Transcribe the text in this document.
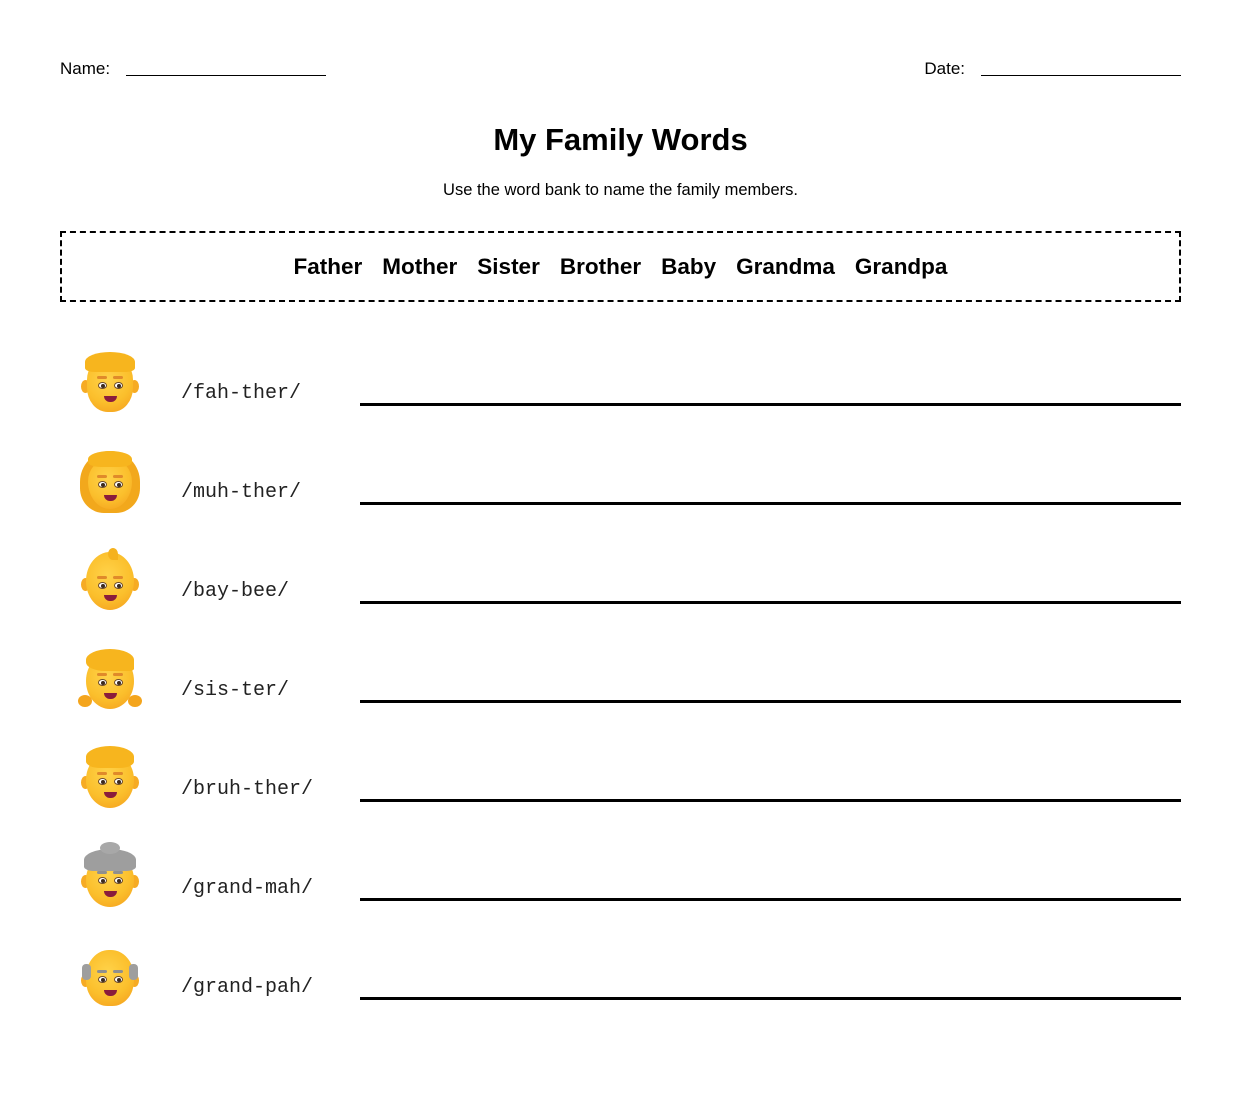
Name:	Date:
My Family Words
Use the word bank to name the family members.
Father Mother Sister Brother Baby Grandma Grandpa
/fah-ther/
/muh-ther/
/bay-bee/
/sis-ter/
/bruh-ther/
/grand-mah/
/grand-pah/
